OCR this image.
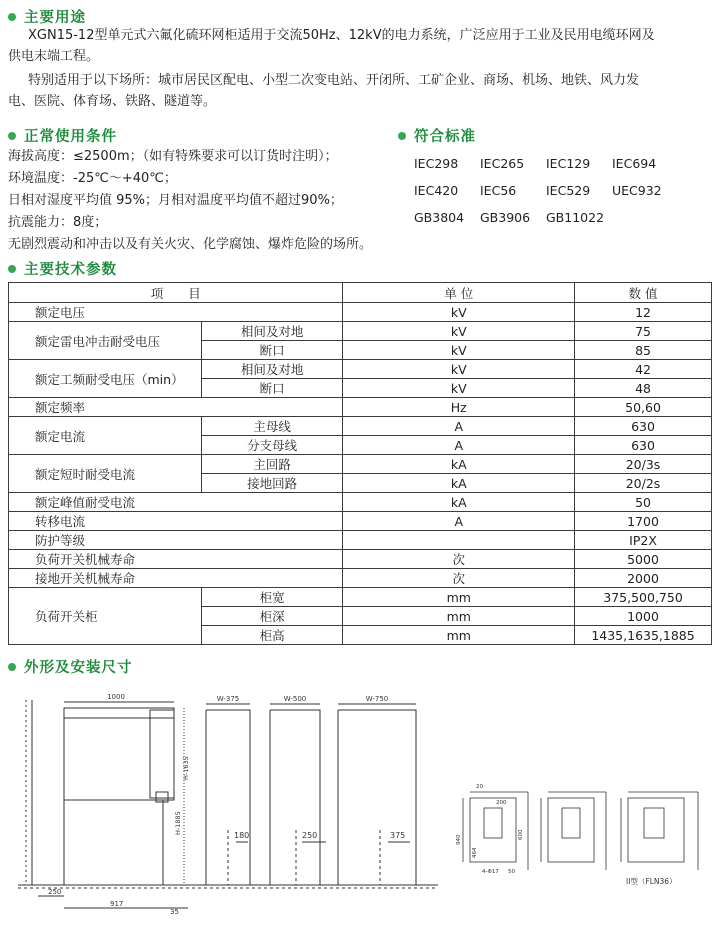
主要用途
XGN15-12型单元式六氟化硫环网柜适用于交流50Hz、12kV的电力系统，广泛应用于工业及民用电缆环网及
供电末端工程。
特别适用于以下场所：城市居民区配电、小型二次变电站、开闭所、工矿企业、商场、机场、地铁、风力发
电、医院、体育场、铁路、隧道等。
正常使用条件
海拔高度：≤2500m；（如有特殊要求可以订货时注明）；
环境温度：-25℃～+40℃；
日相对湿度平均值 95%；月相对温度平均值不超过90%；
抗震能力：8度；
无剧烈震动和冲击以及有关火灾、化学腐蚀、爆炸危险的场所。
符合标准
IEC298	IEC265	IEC129	IEC694
IEC420	IEC56	IEC529	UEC932
GB3804	GB3906	GB11022
主要技术参数
项　　目		单 位	数 值
额定电压		kV	12
额定雷电冲击耐受电压	相间及对地	kV	75
	断口	kV	85
额定工频耐受电压（min）	相间及对地	kV	42
	断口	kV	48
额定频率		Hz	50,60
额定电流	主母线	A	630
	分支母线	A	630
额定短时耐受电流	主回路	kA	20/3s
	接地回路	kA	20/2s
额定峰值耐受电流		kA	50
转移电流		A	1700
防护等级			IP2X
负荷开关机械寿命		次	5000
接地开关机械寿命		次	2000
负荷开关柜	柜宽	mm	375,500,750
	柜深	mm	1000
	柜高	mm	1435,1635,1885
外形及安装尺寸
1000
H-1635
H-1885
250
917
35
W-375	W-500	W-750
180	250	375
20
200
600
940
464
4-Φ17 50
II型（FLN36）
